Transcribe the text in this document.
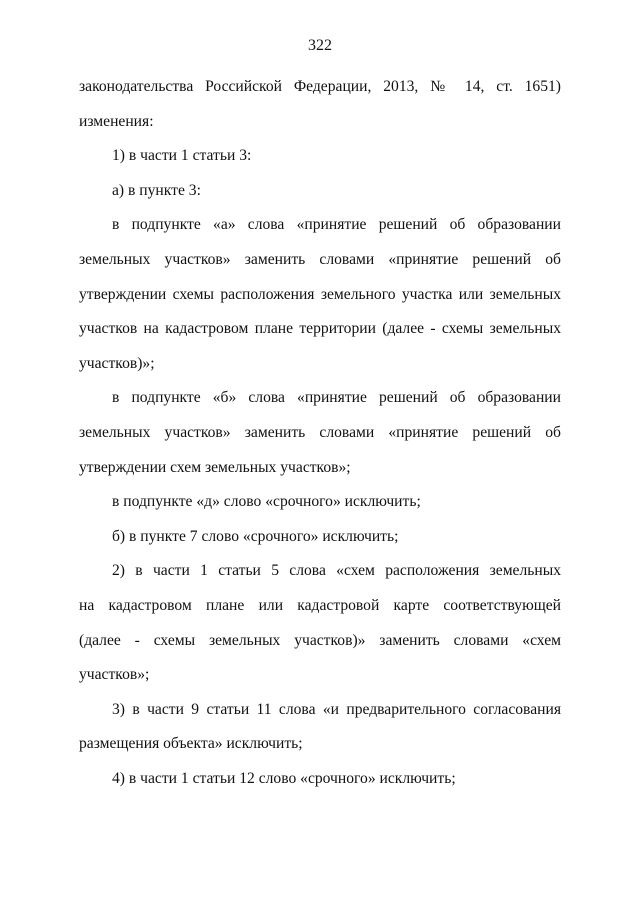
322
законодательства Российской Федерации, 2013, № 14, ст. 1651)
изменения:
1) в части 1 статьи 3:
а) в пункте 3:
в подпункте «а» слова «принятие решений об образовании
земельных участков» заменить словами «принятие решений об
утверждении схемы расположения земельного участка или земельных
участков на кадастровом плане территории (далее - схемы земельных
участков)»;
в подпункте «б» слова «принятие решений об образовании
земельных участков» заменить словами «принятие решений об
утверждении схем земельных участков»;
в подпункте «д» слово «срочного» исключить;
б) в пункте 7 слово «срочного» исключить;
2) в части 1 статьи 5 слова «схем расположения земельных
на кадастровом плане или кадастровой карте соответствующей
(далее - схемы земельных участков)» заменить словами «схем
участков»;
3) в части 9 статьи 11 слова «и предварительного согласования
размещения объекта» исключить;
4) в части 1 статьи 12 слово «срочного» исключить;
